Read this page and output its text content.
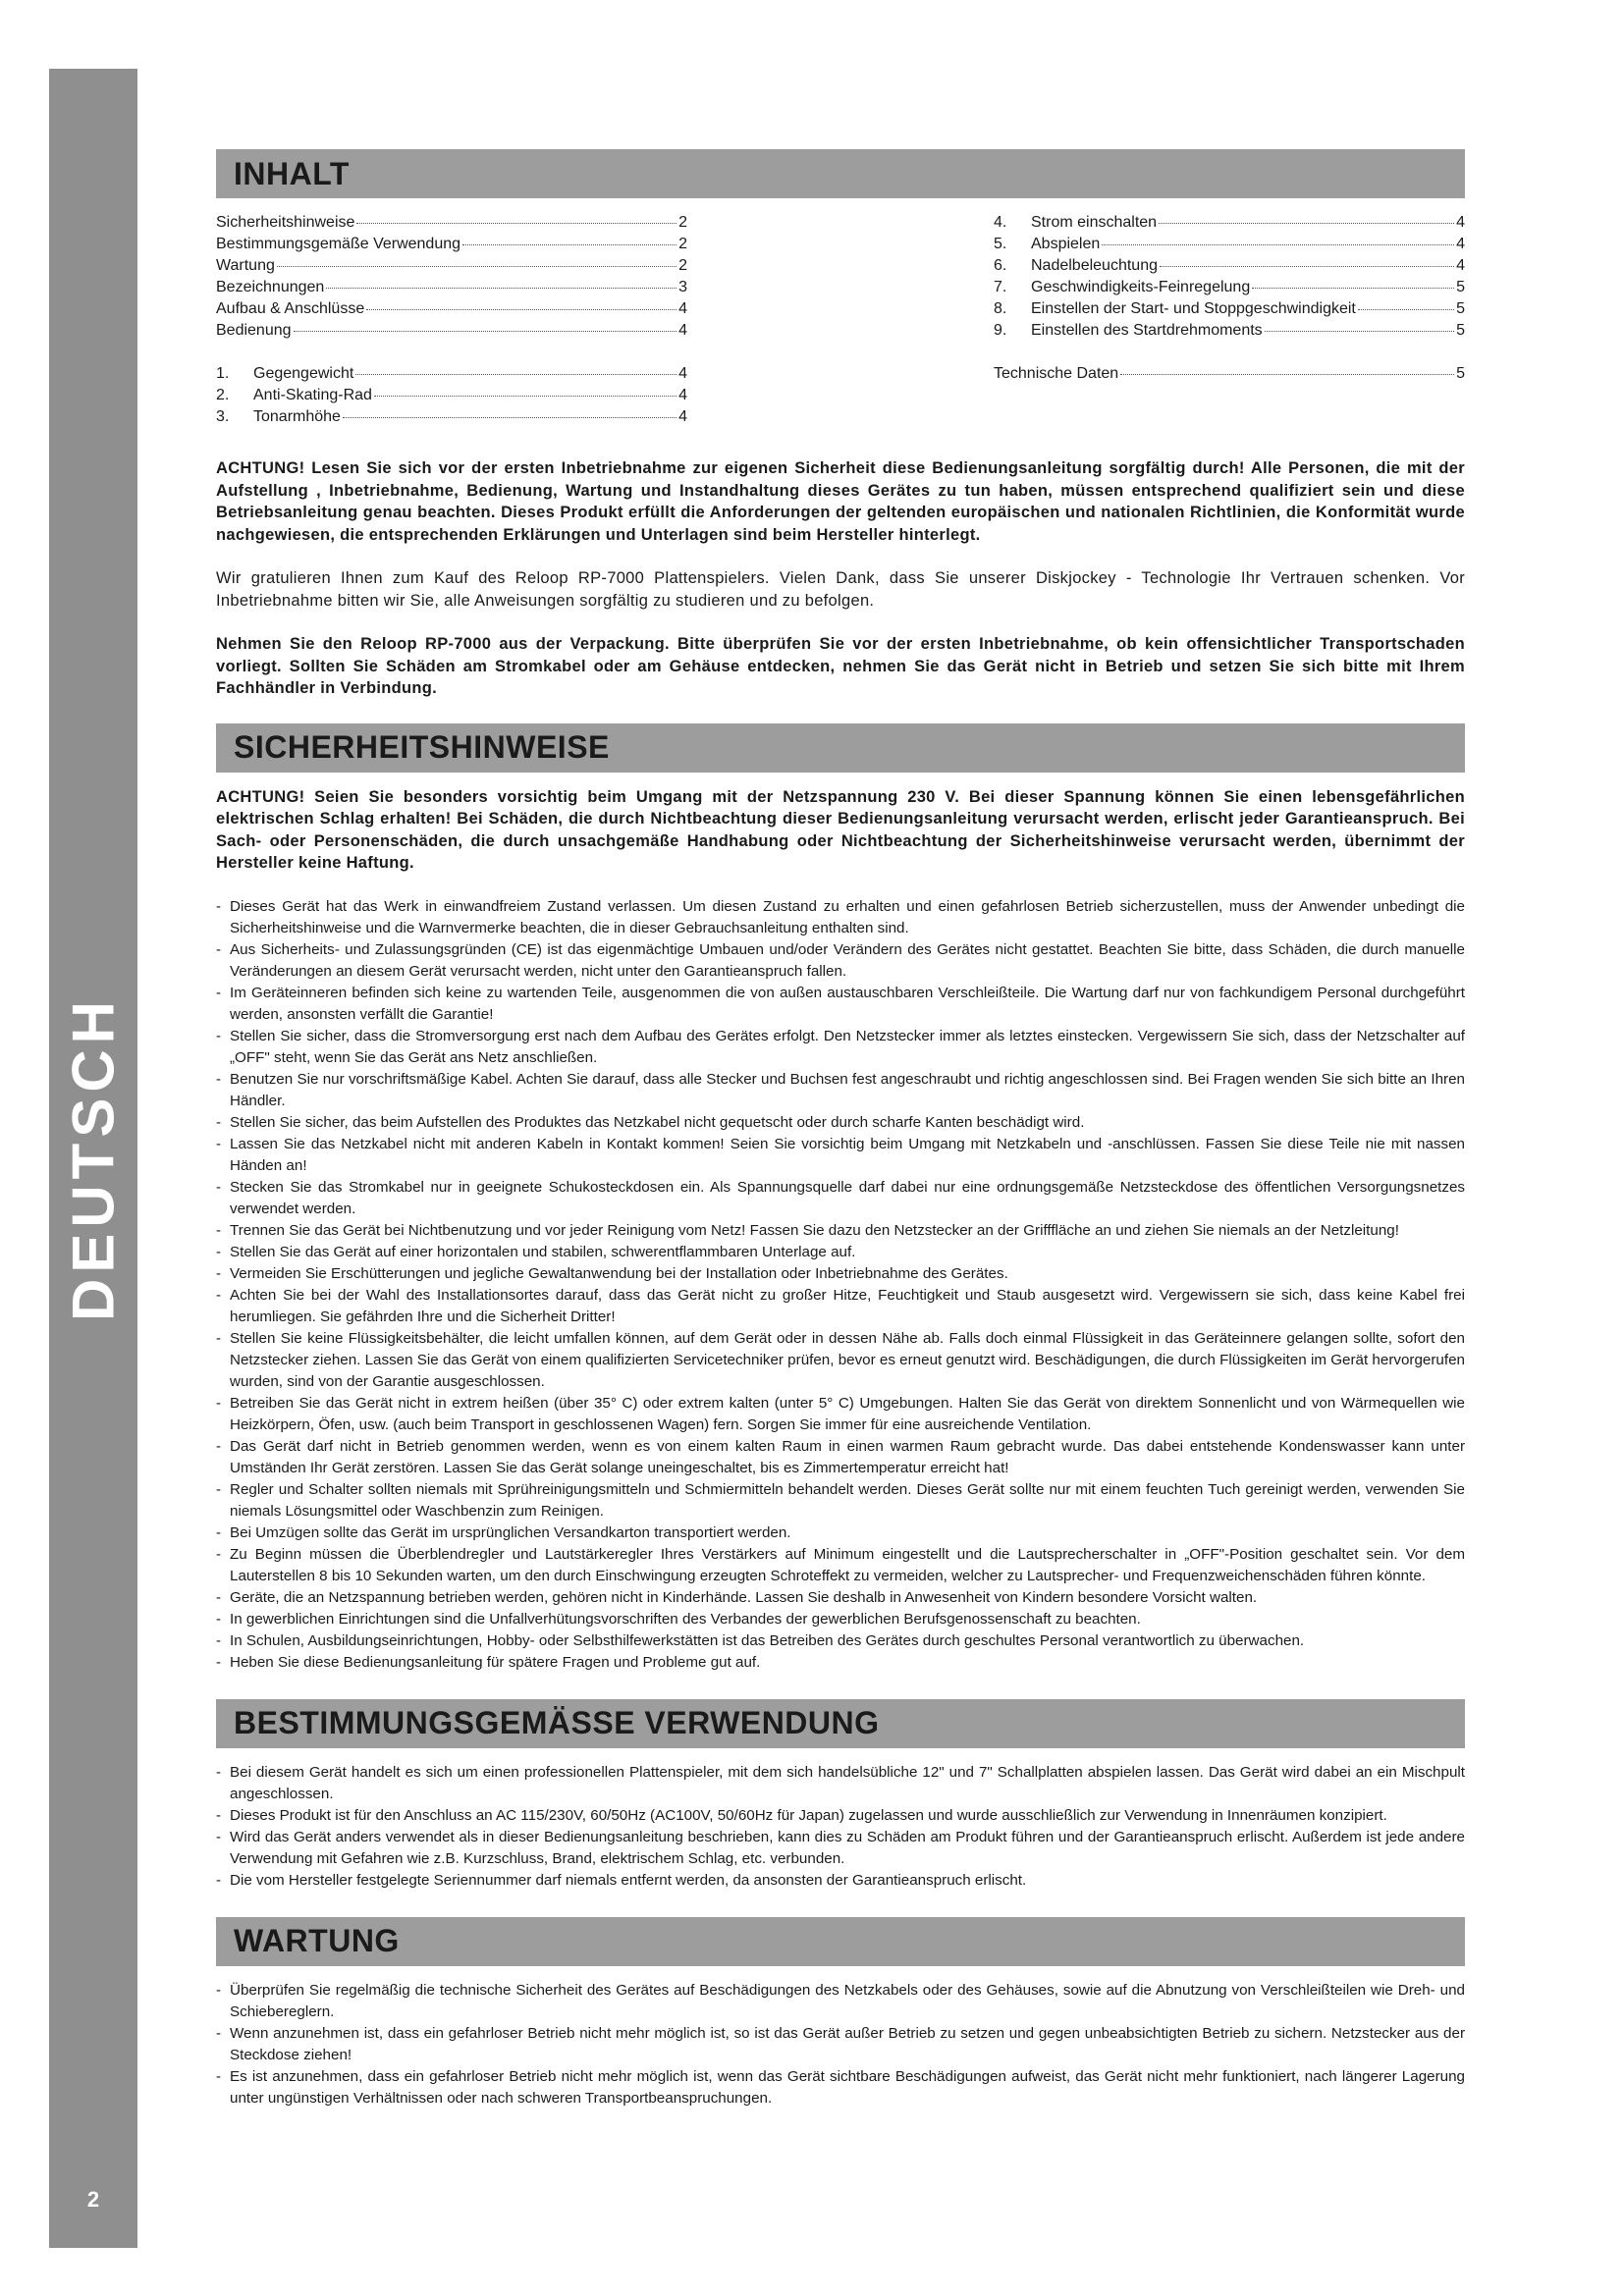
DEUTSCH
2
INHALT
Sicherheitshinweise	2
Bestimmungsgemäße Verwendung	2
Wartung	2
Bezeichnungen	3
Aufbau & Anschlüsse	4
Bedienung	4
1.	Gegengewicht	4
2.	Anti-Skating-Rad	4
3.	Tonarmhöhe	4
4.	Strom einschalten	4
5.	Abspielen	4
6.	Nadelbeleuchtung	4
7.	Geschwindigkeits-Feinregelung	5
8.	Einstellen der Start- und Stoppgeschwindigkeit	5
9.	Einstellen des Startdrehmoments	5
Technische Daten	5

ACHTUNG! Lesen Sie sich vor der ersten Inbetriebnahme zur eigenen Sicherheit diese Bedienungsanleitung sorgfältig durch! Alle Personen, die mit der Aufstellung , Inbetriebnahme, Bedienung, Wartung und Instandhaltung dieses Gerätes zu tun haben, müssen entsprechend qualifiziert sein und diese Betriebsanleitung genau beachten. Dieses Produkt erfüllt die Anforderungen der geltenden europäischen und nationalen Richtlinien, die Konformität wurde nachgewiesen, die entsprechenden Erklärungen und Unterlagen sind beim Hersteller hinterlegt.

Wir gratulieren Ihnen zum Kauf des Reloop RP-7000 Plattenspielers. Vielen Dank, dass Sie unserer Diskjockey - Technologie Ihr Vertrauen schenken. Vor Inbetriebnahme bitten wir Sie, alle Anweisungen sorgfältig zu studieren und zu befolgen.

Nehmen Sie den Reloop RP-7000 aus der Verpackung. Bitte überprüfen Sie vor der ersten Inbetriebnahme, ob kein offensichtlicher Transportschaden vorliegt. Sollten Sie Schäden am Stromkabel oder am Gehäuse entdecken, nehmen Sie das Gerät nicht in Betrieb und setzen Sie sich bitte mit Ihrem Fachhändler in Verbindung.

SICHERHEITSHINWEISE

ACHTUNG! Seien Sie besonders vorsichtig beim Umgang mit der Netzspannung 230 V. Bei dieser Spannung können Sie einen lebensgefährlichen elektrischen Schlag erhalten! Bei Schäden, die durch Nichtbeachtung dieser Bedienungsanleitung verursacht werden, erlischt jeder Garantieanspruch. Bei Sach- oder Personenschäden, die durch unsachgemäße Handhabung oder Nichtbeachtung der Sicherheitshinweise verursacht werden, übernimmt der Hersteller keine Haftung.

- Dieses Gerät hat das Werk in einwandfreiem Zustand verlassen. Um diesen Zustand zu erhalten und einen gefahrlosen Betrieb sicherzustellen, muss der Anwender unbedingt die Sicherheitshinweise und die Warnvermerke beachten, die in dieser Gebrauchsanleitung enthalten sind.
- Aus Sicherheits- und Zulassungsgründen (CE) ist das eigenmächtige Umbauen und/oder Verändern des Gerätes nicht gestattet. Beachten Sie bitte, dass Schäden, die durch manuelle Veränderungen an diesem Gerät verursacht werden, nicht unter den Garantieanspruch fallen.
- Im Geräteinneren befinden sich keine zu wartenden Teile, ausgenommen die von außen austauschbaren Verschleißteile. Die Wartung darf nur von fachkundigem Personal durchgeführt werden, ansonsten verfällt die Garantie!
- Stellen Sie sicher, dass die Stromversorgung erst nach dem Aufbau des Gerätes erfolgt. Den Netzstecker immer als letztes einstecken. Vergewissern Sie sich, dass der Netzschalter auf „OFF" steht, wenn Sie das Gerät ans Netz anschließen.
- Benutzen Sie nur vorschriftsmäßige Kabel. Achten Sie darauf, dass alle Stecker und Buchsen fest angeschraubt und richtig angeschlossen sind. Bei Fragen wenden Sie sich bitte an Ihren Händler.
- Stellen Sie sicher, das beim Aufstellen des Produktes das Netzkabel nicht gequetscht oder durch scharfe Kanten beschädigt wird.
- Lassen Sie das Netzkabel nicht mit anderen Kabeln in Kontakt kommen! Seien Sie vorsichtig beim Umgang mit Netzkabeln und -anschlüssen. Fassen Sie diese Teile nie mit nassen Händen an!
- Stecken Sie das Stromkabel nur in geeignete Schukosteckdosen ein. Als Spannungsquelle darf dabei nur eine ordnungsgemäße Netzsteckdose des öffentlichen Versorgungsnetzes verwendet werden.
- Trennen Sie das Gerät bei Nichtbenutzung und vor jeder Reinigung vom Netz! Fassen Sie dazu den Netzstecker an der Grifffläche an und ziehen Sie niemals an der Netzleitung!
- Stellen Sie das Gerät auf einer horizontalen und stabilen, schwerentflammbaren Unterlage auf.
- Vermeiden Sie Erschütterungen und jegliche Gewaltanwendung bei der Installation oder Inbetriebnahme des Gerätes.
- Achten Sie bei der Wahl des Installationsortes darauf, dass das Gerät nicht zu großer Hitze, Feuchtigkeit und Staub ausgesetzt wird. Vergewissern sie sich, dass keine Kabel frei herumliegen. Sie gefährden Ihre und die Sicherheit Dritter!
- Stellen Sie keine Flüssigkeitsbehälter, die leicht umfallen können, auf dem Gerät oder in dessen Nähe ab. Falls doch einmal Flüssigkeit in das Geräteinnere gelangen sollte, sofort den Netzstecker ziehen. Lassen Sie das Gerät von einem qualifizierten Servicetechniker prüfen, bevor es erneut genutzt wird. Beschädigungen, die durch Flüssigkeiten im Gerät hervorgerufen wurden, sind von der Garantie ausgeschlossen.
- Betreiben Sie das Gerät nicht in extrem heißen (über 35° C) oder extrem kalten (unter 5° C) Umgebungen. Halten Sie das Gerät von direktem Sonnenlicht und von Wärmequellen wie Heizkörpern, Öfen, usw. (auch beim Transport in geschlossenen Wagen) fern. Sorgen Sie immer für eine ausreichende Ventilation.
- Das Gerät darf nicht in Betrieb genommen werden, wenn es von einem kalten Raum in einen warmen Raum gebracht wurde. Das dabei entstehende Kondenswasser kann unter Umständen Ihr Gerät zerstören. Lassen Sie das Gerät solange uneingeschaltet, bis es Zimmertemperatur erreicht hat!
- Regler und Schalter sollten niemals mit Sprühreinigungsmitteln und Schmiermitteln behandelt werden. Dieses Gerät sollte nur mit einem feuchten Tuch gereinigt werden, verwenden Sie niemals Lösungsmittel oder Waschbenzin zum Reinigen.
- Bei Umzügen sollte das Gerät im ursprünglichen Versandkarton transportiert werden.
- Zu Beginn müssen die Überblendregler und Lautstärkeregler Ihres Verstärkers auf Minimum eingestellt und die Lautsprecherschalter in „OFF"-Position geschaltet sein. Vor dem Lauterstellen 8 bis 10 Sekunden warten, um den durch Einschwingung erzeugten Schroteffekt zu vermeiden, welcher zu Lautsprecher- und Frequenzweichenschäden führen könnte.
- Geräte, die an Netzspannung betrieben werden, gehören nicht in Kinderhände. Lassen Sie deshalb in Anwesenheit von Kindern besondere Vorsicht walten.
- In gewerblichen Einrichtungen sind die Unfallverhütungsvorschriften des Verbandes der gewerblichen Berufsgenossenschaft zu beachten.
- In Schulen, Ausbildungseinrichtungen, Hobby- oder Selbsthilfewerkstätten ist das Betreiben des Gerätes durch geschultes Personal verantwortlich zu überwachen.
- Heben Sie diese Bedienungsanleitung für spätere Fragen und Probleme gut auf.
BESTIMMUNGSGEMÄSSE VERWENDUNG
- Bei diesem Gerät handelt es sich um einen professionellen Plattenspieler, mit dem sich handelsübliche 12" und 7" Schallplatten abspielen lassen. Das Gerät wird dabei an ein Mischpult angeschlossen.
- Dieses Produkt ist für den Anschluss an AC 115/230V, 60/50Hz (AC100V, 50/60Hz für Japan) zugelassen und wurde ausschließlich zur Verwendung in Innenräumen konzipiert.
- Wird das Gerät anders verwendet als in dieser Bedienungsanleitung beschrieben, kann dies zu Schäden am Produkt führen und der Garantieanspruch erlischt. Außerdem ist jede andere Verwendung mit Gefahren wie z.B. Kurzschluss, Brand, elektrischem Schlag, etc. verbunden.
- Die vom Hersteller festgelegte Seriennummer darf niemals entfernt werden, da ansonsten der Garantieanspruch erlischt.
WARTUNG
- Überprüfen Sie regelmäßig die technische Sicherheit des Gerätes auf Beschädigungen des Netzkabels oder des Gehäuses, sowie auf die Abnutzung von Verschleißteilen wie Dreh- und Schiebereglern.
- Wenn anzunehmen ist, dass ein gefahrloser Betrieb nicht mehr möglich ist, so ist das Gerät außer Betrieb zu setzen und gegen unbeabsichtigten Betrieb zu sichern. Netzstecker aus der Steckdose ziehen!
- Es ist anzunehmen, dass ein gefahrloser Betrieb nicht mehr möglich ist, wenn das Gerät sichtbare Beschädigungen aufweist, das Gerät nicht mehr funktioniert, nach längerer Lagerung unter ungünstigen Verhältnissen oder nach schweren Transportbeanspruchungen.
